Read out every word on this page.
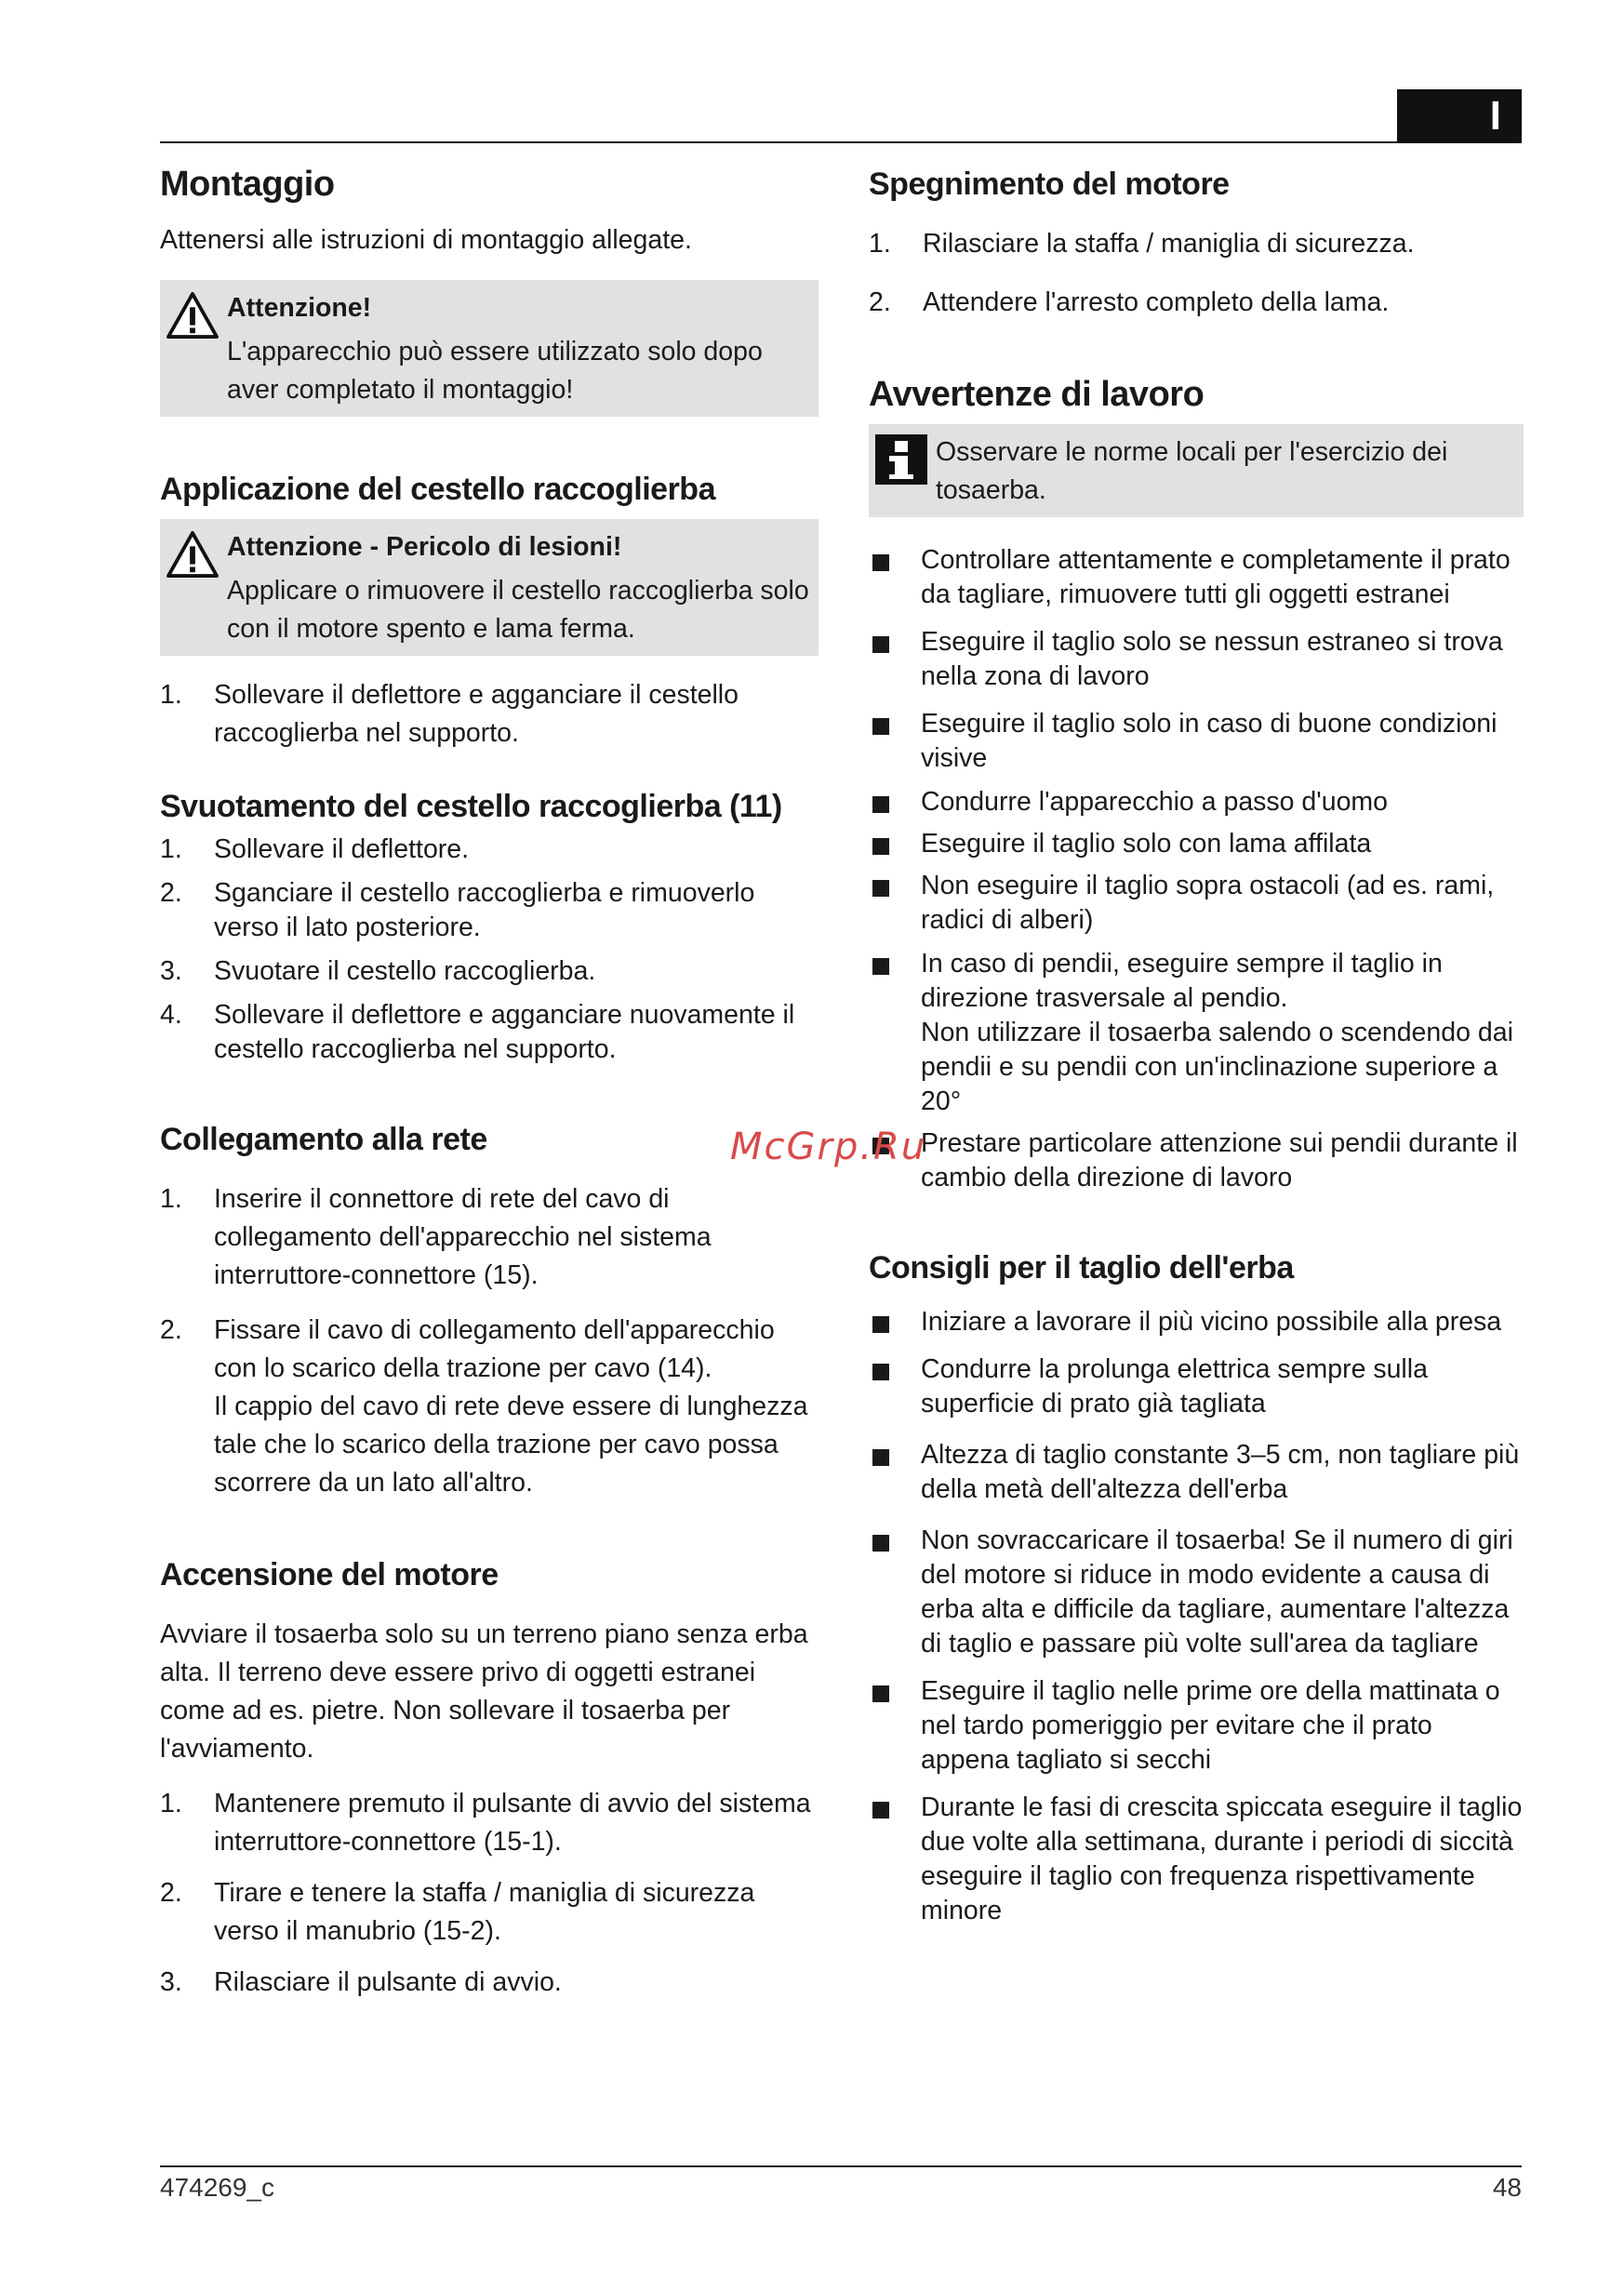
I
Montaggio

Attenersi alle istruzioni di montaggio allegate.

Attenzione!
L'apparecchio può essere utilizzato solo dopo aver completato il montaggio!
Applicazione del cestello raccoglierba
Attenzione - Pericolo di lesioni!
Applicare o rimuovere il cestello raccoglierba solo con il motore spento e lama ferma.
1. Sollevare il deflettore e agganciare il cestello raccoglierba nel supporto.
Svuotamento del cestello raccoglierba (11)
1. Sollevare il deflettore.
2. Sganciare il cestello raccoglierba e rimuoverlo verso il lato posteriore.
3. Svuotare il cestello raccoglierba.
4. Sollevare il deflettore e agganciare nuovamente il cestello raccoglierba nel supporto.
Collegamento alla rete
1. Inserire il connettore di rete del cavo di collegamento dell'apparecchio nel sistema interruttore-connettore (15).
2. Fissare il cavo di collegamento dell'apparecchio con lo scarico della trazione per cavo (14).
Il cappio del cavo di rete deve essere di lunghezza tale che lo scarico della trazione per cavo possa scorrere da un lato all'altro.
Accensione del motore

Avviare il tosaerba solo su un terreno piano senza erba alta. Il terreno deve essere privo di oggetti estranei come ad es. pietre. Non sollevare il tosaerba per l'avviamento.

1. Mantenere premuto il pulsante di avvio del sistema interruttore-connettore (15-1).
2. Tirare e tenere la staffa / maniglia di sicurezza verso il manubrio (15-2).
3. Rilasciare il pulsante di avvio.
Spegnimento del motore
1. Rilasciare la staffa / maniglia di sicurezza.
2. Attendere l'arresto completo della lama.
Avvertenze di lavoro
Osservare le norme locali per l'esercizio dei tosaerba.
Controllare attentamente e completamente il prato da tagliare, rimuovere tutti gli oggetti estranei
Eseguire il taglio solo se nessun estraneo si trova nella zona di lavoro
Eseguire il taglio solo in caso di buone condizioni visive
Condurre l'apparecchio a passo d'uomo
Eseguire il taglio solo con lama affilata
Non eseguire il taglio sopra ostacoli (ad es. rami, radici di alberi)
In caso di pendii, eseguire sempre il taglio in direzione trasversale al pendio.
Non utilizzare il tosaerba salendo o scendendo dai pendii e su pendii con un'inclinazione superiore a 20°
Prestare particolare attenzione sui pendii durante il cambio della direzione di lavoro
Consigli per il taglio dell'erba
Iniziare a lavorare il più vicino possibile alla presa
Condurre la prolunga elettrica sempre sulla superficie di prato già tagliata
Altezza di taglio constante 3–5 cm, non tagliare più della metà dell'altezza dell'erba
Non sovraccaricare il tosaerba! Se il numero di giri del motore si riduce in modo evidente a causa di erba alta e difficile da tagliare, aumentare l'altezza di taglio e passare più volte sull'area da tagliare
Eseguire il taglio nelle prime ore della mattinata o nel tardo pomeriggio per evitare che il prato appena tagliato si secchi
Durante le fasi di crescita spiccata eseguire il taglio due volte alla settimana, durante i periodi di siccità eseguire il taglio con frequenza rispettivamente minore
McGrp.Ru
474269_c	48
